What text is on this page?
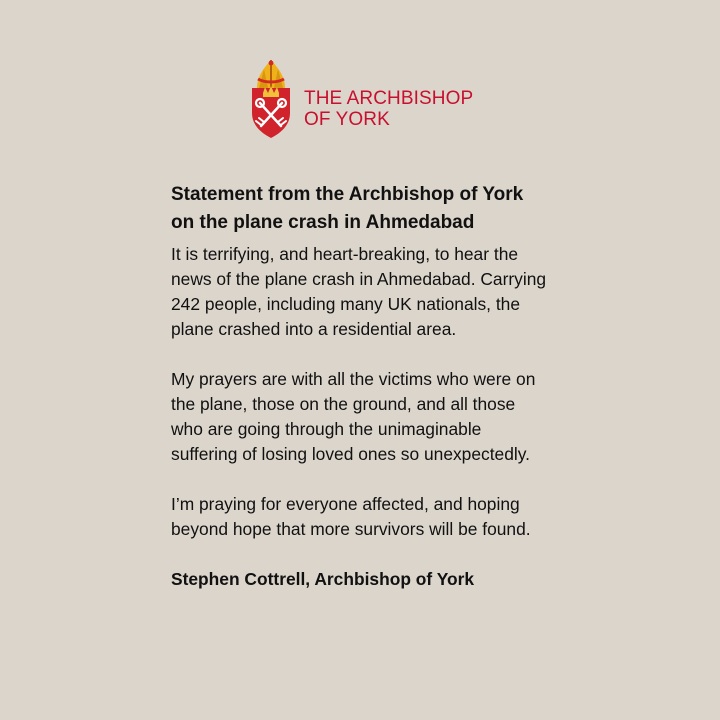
THE ARCHBISHOP
OF YORK
Statement from the Archbishop of York on the plane crash in Ahmedabad

It is terrifying, and heart-breaking, to hear the news of the plane crash in Ahmedabad. Carrying 242 people, including many UK nationals, the plane crashed into a residential area.

My prayers are with all the victims who were on the plane, those on the ground, and all those who are going through the unimaginable suffering of losing loved ones so unexpectedly.

I’m praying for everyone affected, and hoping beyond hope that more survivors will be found.

Stephen Cottrell, Archbishop of York
